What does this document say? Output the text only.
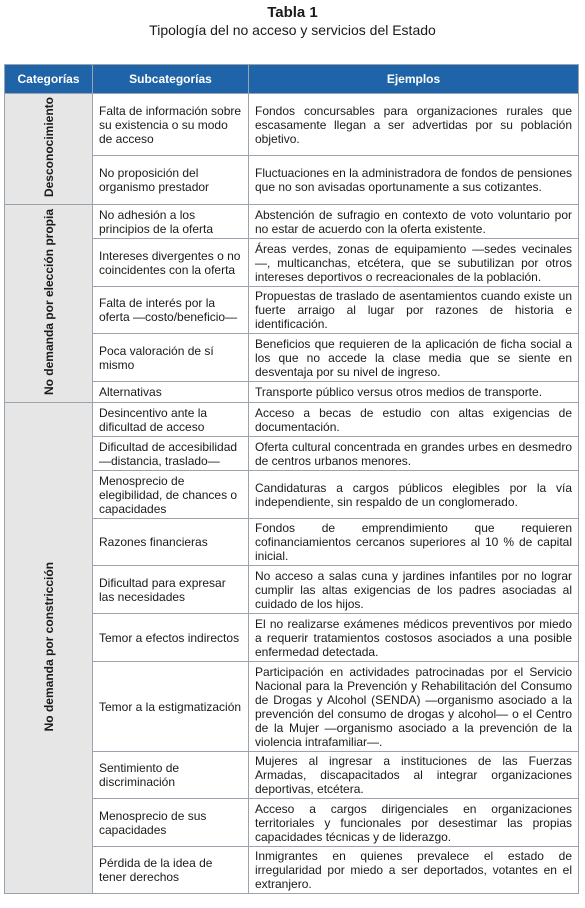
Tabla 1
Tipología del no acceso y servicios del Estado
Categorías	Subcategorías	Ejemplos
Desconocimiento	Falta de información sobre su existencia o su modo de acceso	Fondos concursables para organizaciones rurales que escasamente llegan a ser advertidas por su población objetivo.
	No proposición del organismo prestador	Fluctuaciones en la administradora de fondos de pensiones que no son avisadas oportunamente a sus cotizantes.
No demanda por elección propia	No adhesión a los principios de la oferta	Abstención de sufragio en contexto de voto voluntario por no estar de acuerdo con la oferta existente.
	Intereses divergentes o no coincidentes con la oferta	Áreas verdes, zonas de equipamiento —sedes vecinales—, multicanchas, etcétera, que se subutilizan por otros intereses deportivos o recreacionales de la población.
	Falta de interés por la oferta —costo/beneficio—	Propuestas de traslado de asentamientos cuando existe un fuerte arraigo al lugar por razones de historia e identificación.
	Poca valoración de sí mismo	Beneficios que requieren de la aplicación de ficha social a los que no accede la clase media que se siente en desventaja por su nivel de ingreso.
	Alternativas	Transporte público versus otros medios de transporte.
No demanda por constricción	Desincentivo ante la dificultad de acceso	Acceso a becas de estudio con altas exigencias de documentación.
	Dificultad de accesibilidad —distancia, traslado—	Oferta cultural concentrada en grandes urbes en desmedro de centros urbanos menores.
	Menosprecio de elegibilidad, de chances o capacidades	Candidaturas a cargos públicos elegibles por la vía independiente, sin respaldo de un conglomerado.
	Razones financieras	Fondos de emprendimiento que requieren cofinanciamientos cercanos superiores al 10 % de capital inicial.
	Dificultad para expresar las necesidades	No acceso a salas cuna y jardines infantiles por no lograr cumplir las altas exigencias de los padres asociadas al cuidado de los hijos.
	Temor a efectos indirectos	El no realizarse exámenes médicos preventivos por miedo a requerir tratamientos costosos asociados a una posible enfermedad detectada.
	Temor a la estigmatización	Participación en actividades patrocinadas por el Servicio Nacional para la Prevención y Rehabilitación del Consumo de Drogas y Alcohol (SENDA) —organismo asociado a la prevención del consumo de drogas y alcohol— o el Centro de la Mujer —organismo asociado a la prevención de la violencia intrafamiliar—.
	Sentimiento de discriminación	Mujeres al ingresar a instituciones de las Fuerzas Armadas, discapacitados al integrar organizaciones deportivas, etcétera.
	Menosprecio de sus capacidades	Acceso a cargos dirigenciales en organizaciones territoriales y funcionales por desestimar las propias capacidades técnicas y de liderazgo.
	Pérdida de la idea de tener derechos	Inmigrantes en quienes prevalece el estado de irregularidad por miedo a ser deportados, votantes en el extranjero.
